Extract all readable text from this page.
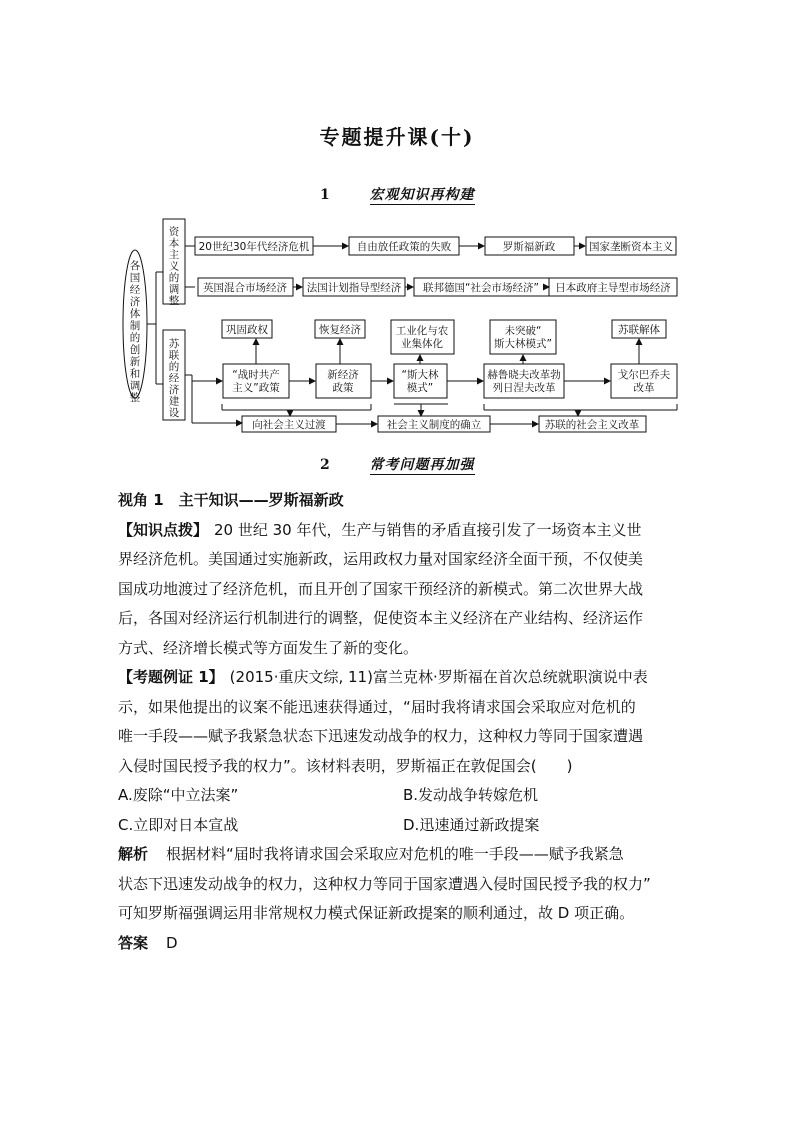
专题提升课(十)
1	宏观知识再构建
各国经济体制的创新和调整
资本主义的调整
苏联的经济建设
20世纪30年代经济危机	自由放任政策的失败	罗斯福新政	国家垄断资本主义
英国混合市场经济 法国计划指导型经济 联邦德国“社会市场经济” 日本政府主导型市场经济
巩固政权	恢复经济	苏联解体
工业化与农业集体化
未突破“斯大林模式”
“战时共产主义”政策
新经济政策
“斯大林模式”
赫鲁晓夫改革勃列日涅夫改革
戈尔巴乔夫改革
向社会主义过渡	社会主义制度的确立	苏联的社会主义改革
2	常考问题再加强
视角 1　主干知识——罗斯福新政
【知识点拨】 20 世纪 30 年代，生产与销售的矛盾直接引发了一场资本主义世
界经济危机。美国通过实施新政，运用政权力量对国家经济全面干预，不仅使美
国成功地渡过了经济危机，而且开创了国家干预经济的新模式。第二次世界大战
后，各国对经济运行机制进行的调整，促使资本主义经济在产业结构、经济运作
方式、经济增长模式等方面发生了新的变化。
【考题例证 1】 (2015·重庆文综, 11)富兰克林·罗斯福在首次总统就职演说中表
示，如果他提出的议案不能迅速获得通过，“届时我将请求国会采取应对危机的
唯一手段——赋予我紧急状态下迅速发动战争的权力，这种权力等同于国家遭遇
入侵时国民授予我的权力”。该材料表明，罗斯福正在敦促国会(　　)
A.废除“中立法案”	B.发动战争转嫁危机
C.立即对日本宣战	D.迅速通过新政提案
解析 根据材料“届时我将请求国会采取应对危机的唯一手段——赋予我紧急
状态下迅速发动战争的权力，这种权力等同于国家遭遇入侵时国民授予我的权力”
可知罗斯福强调运用非常规权力模式保证新政提案的顺利通过，故 D 项正确。
答案 D
